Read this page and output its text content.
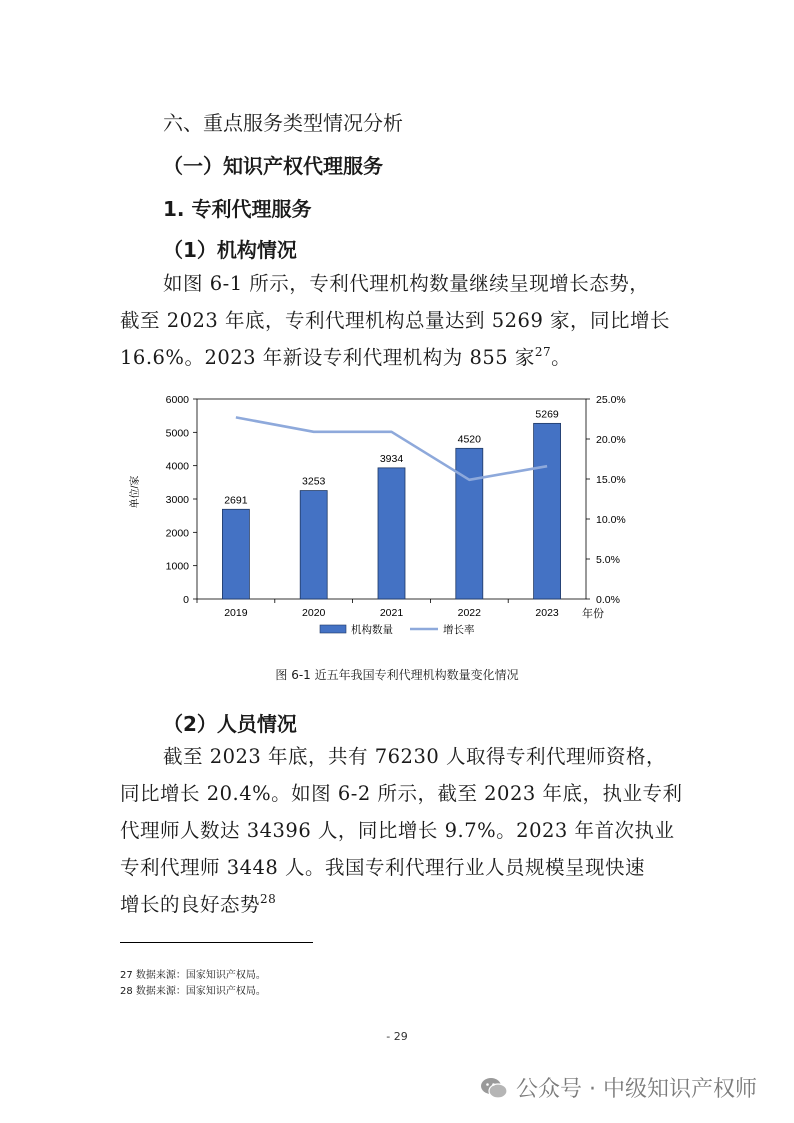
六、重点服务类型情况分析
（一）知识产权代理服务
1. 专利代理服务
（1）机构情况

如图 6-1 所示，专利代理机构数量继续呈现增长态势，

截至 2023 年底，专利代理机构总量达到 5269 家，同比增长

16.6%。2023 年新设专利代理机构为 855 家$^{27}$。

0
1000
2000
3000
4000
5000
6000
0.0%
5.0%
10.0%
15.0%
20.0%
25.0%
2019	2020	2021	2022	2023
机构数量	增长率
2691
3253
3934
4520
5269
单位/家
年份
图 6-1 近五年我国专利代理机构数量变化情况
（2）人员情况

截至 2023 年底，共有 76230 人取得专利代理师资格，

同比增长 20.4%。如图 6-2 所示，截至 2023 年底，执业专利

代理师人数达 34396 人，同比增长 9.7%。2023 年首次执业

专利代理师 3448 人。我国专利代理行业人员规模呈现快速

增长的良好态势$^{28}$

27 数据来源：国家知识产权局。
28 数据来源：国家知识产权局。
- 29
公众号 · 中级知识产权师
